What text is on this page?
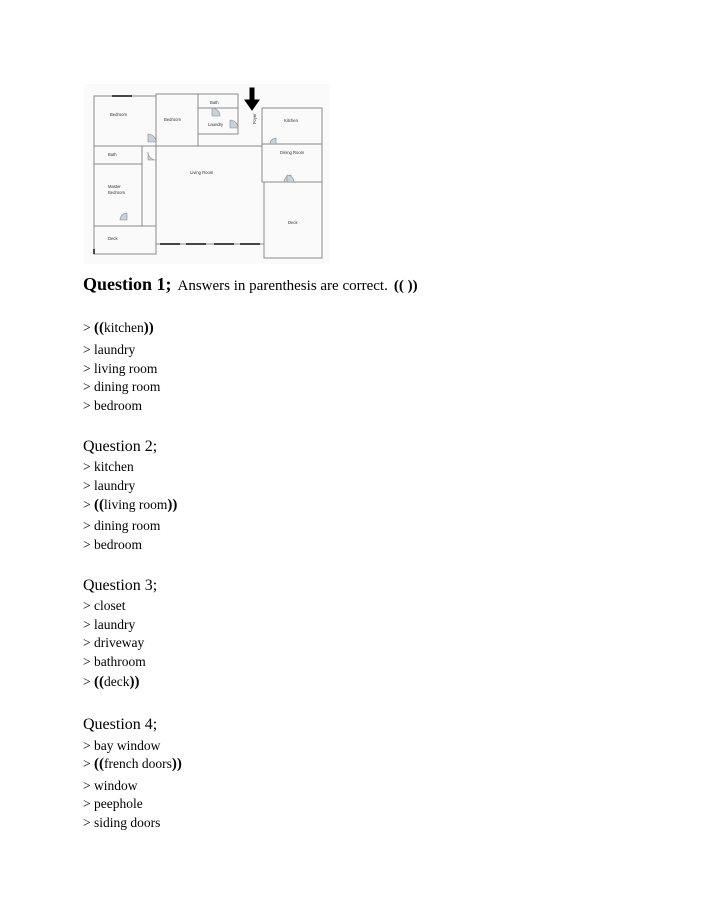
Bedroom
Bedroom
Bath
Laundry
Foyer	Kitchen
Dining Room
Bath
Living Room
Master
Bedroom
Deck
Deck
Question 1; Answers in parenthesis are correct. (( ))
> ((kitchen))
> laundry
> living room
> dining room
> bedroom
Question 2;
> kitchen
> laundry
> ((living room))
> dining room
> bedroom
Question 3;
> closet
> laundry
> driveway
> bathroom
> ((deck))
Question 4;
> bay window
> ((french doors))
> window
> peephole
> siding doors
